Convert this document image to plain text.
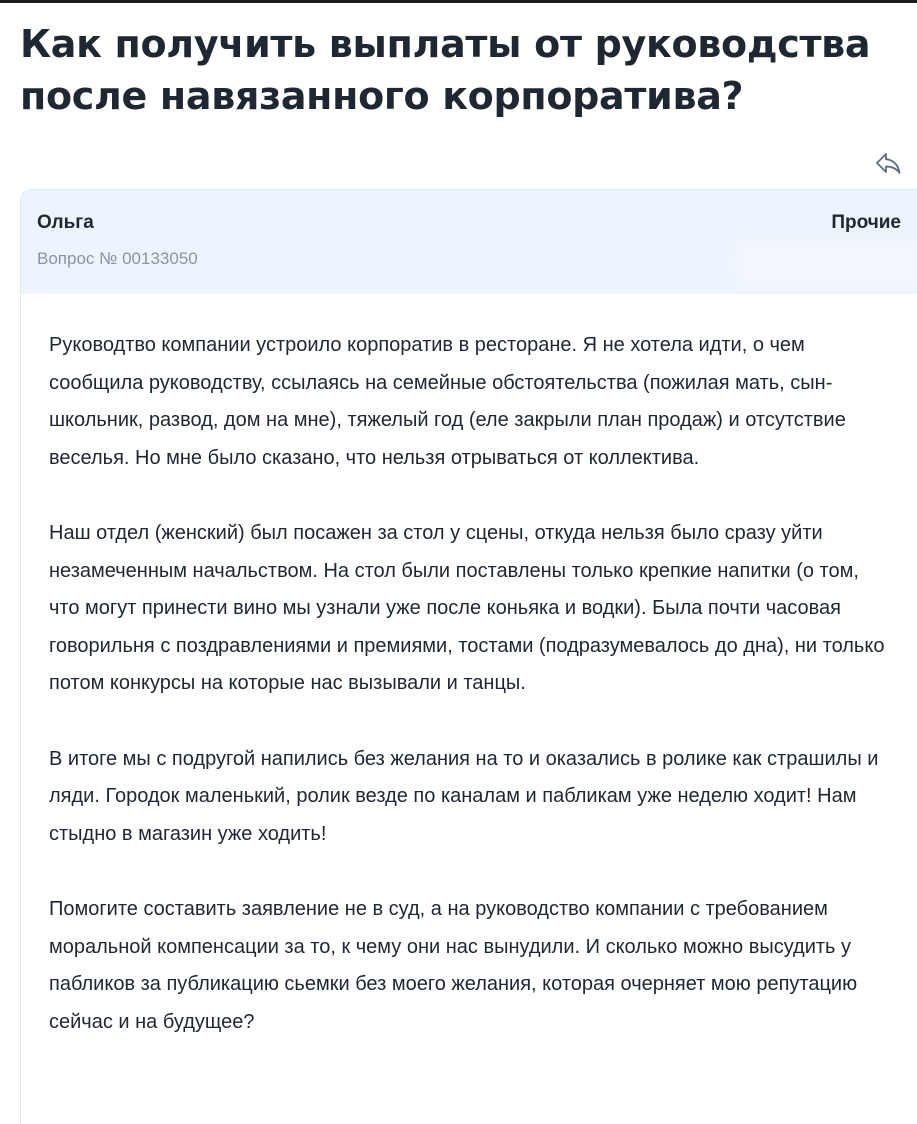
Как получить выплаты от руководства после навязанного корпоратива?
Ольга
Вопрос № 00133050
Прочие

Руководтво компании устроило корпоратив в ресторане. Я не хотела идти, о чем сообщила руководству, ссылаясь на семейные обстоятельства (пожилая мать, сын-школьник, развод, дом на мне), тяжелый год (еле закрыли план продаж) и отсутствие веселья. Но мне было сказано, что нельзя отрываться от коллектива.

Наш отдел (женский) был посажен за стол у сцены, откуда нельзя было сразу уйти незамеченным начальством. На стол были поставлены только крепкие напитки (о том, что могут принести вино мы узнали уже после коньяка и водки). Была почти часовая говорильня с поздравлениями и премиями, тостами (подразумевалось до дна), ни только потом конкурсы на которые нас вызывали и танцы.

В итоге мы с подругой напились без желания на то и оказались в ролике как страшилы и ляди. Городок маленький, ролик везде по каналам и пабликам уже неделю ходит! Нам стыдно в магазин уже ходить!

Помогите составить заявление не в суд, а на руководство компании с требованием моральной компенсации за то, к чему они нас вынудили. И сколько можно высудить у пабликов за публикацию сьемки без моего желания, которая очерняет мою репутацию сейчас и на будущее?
